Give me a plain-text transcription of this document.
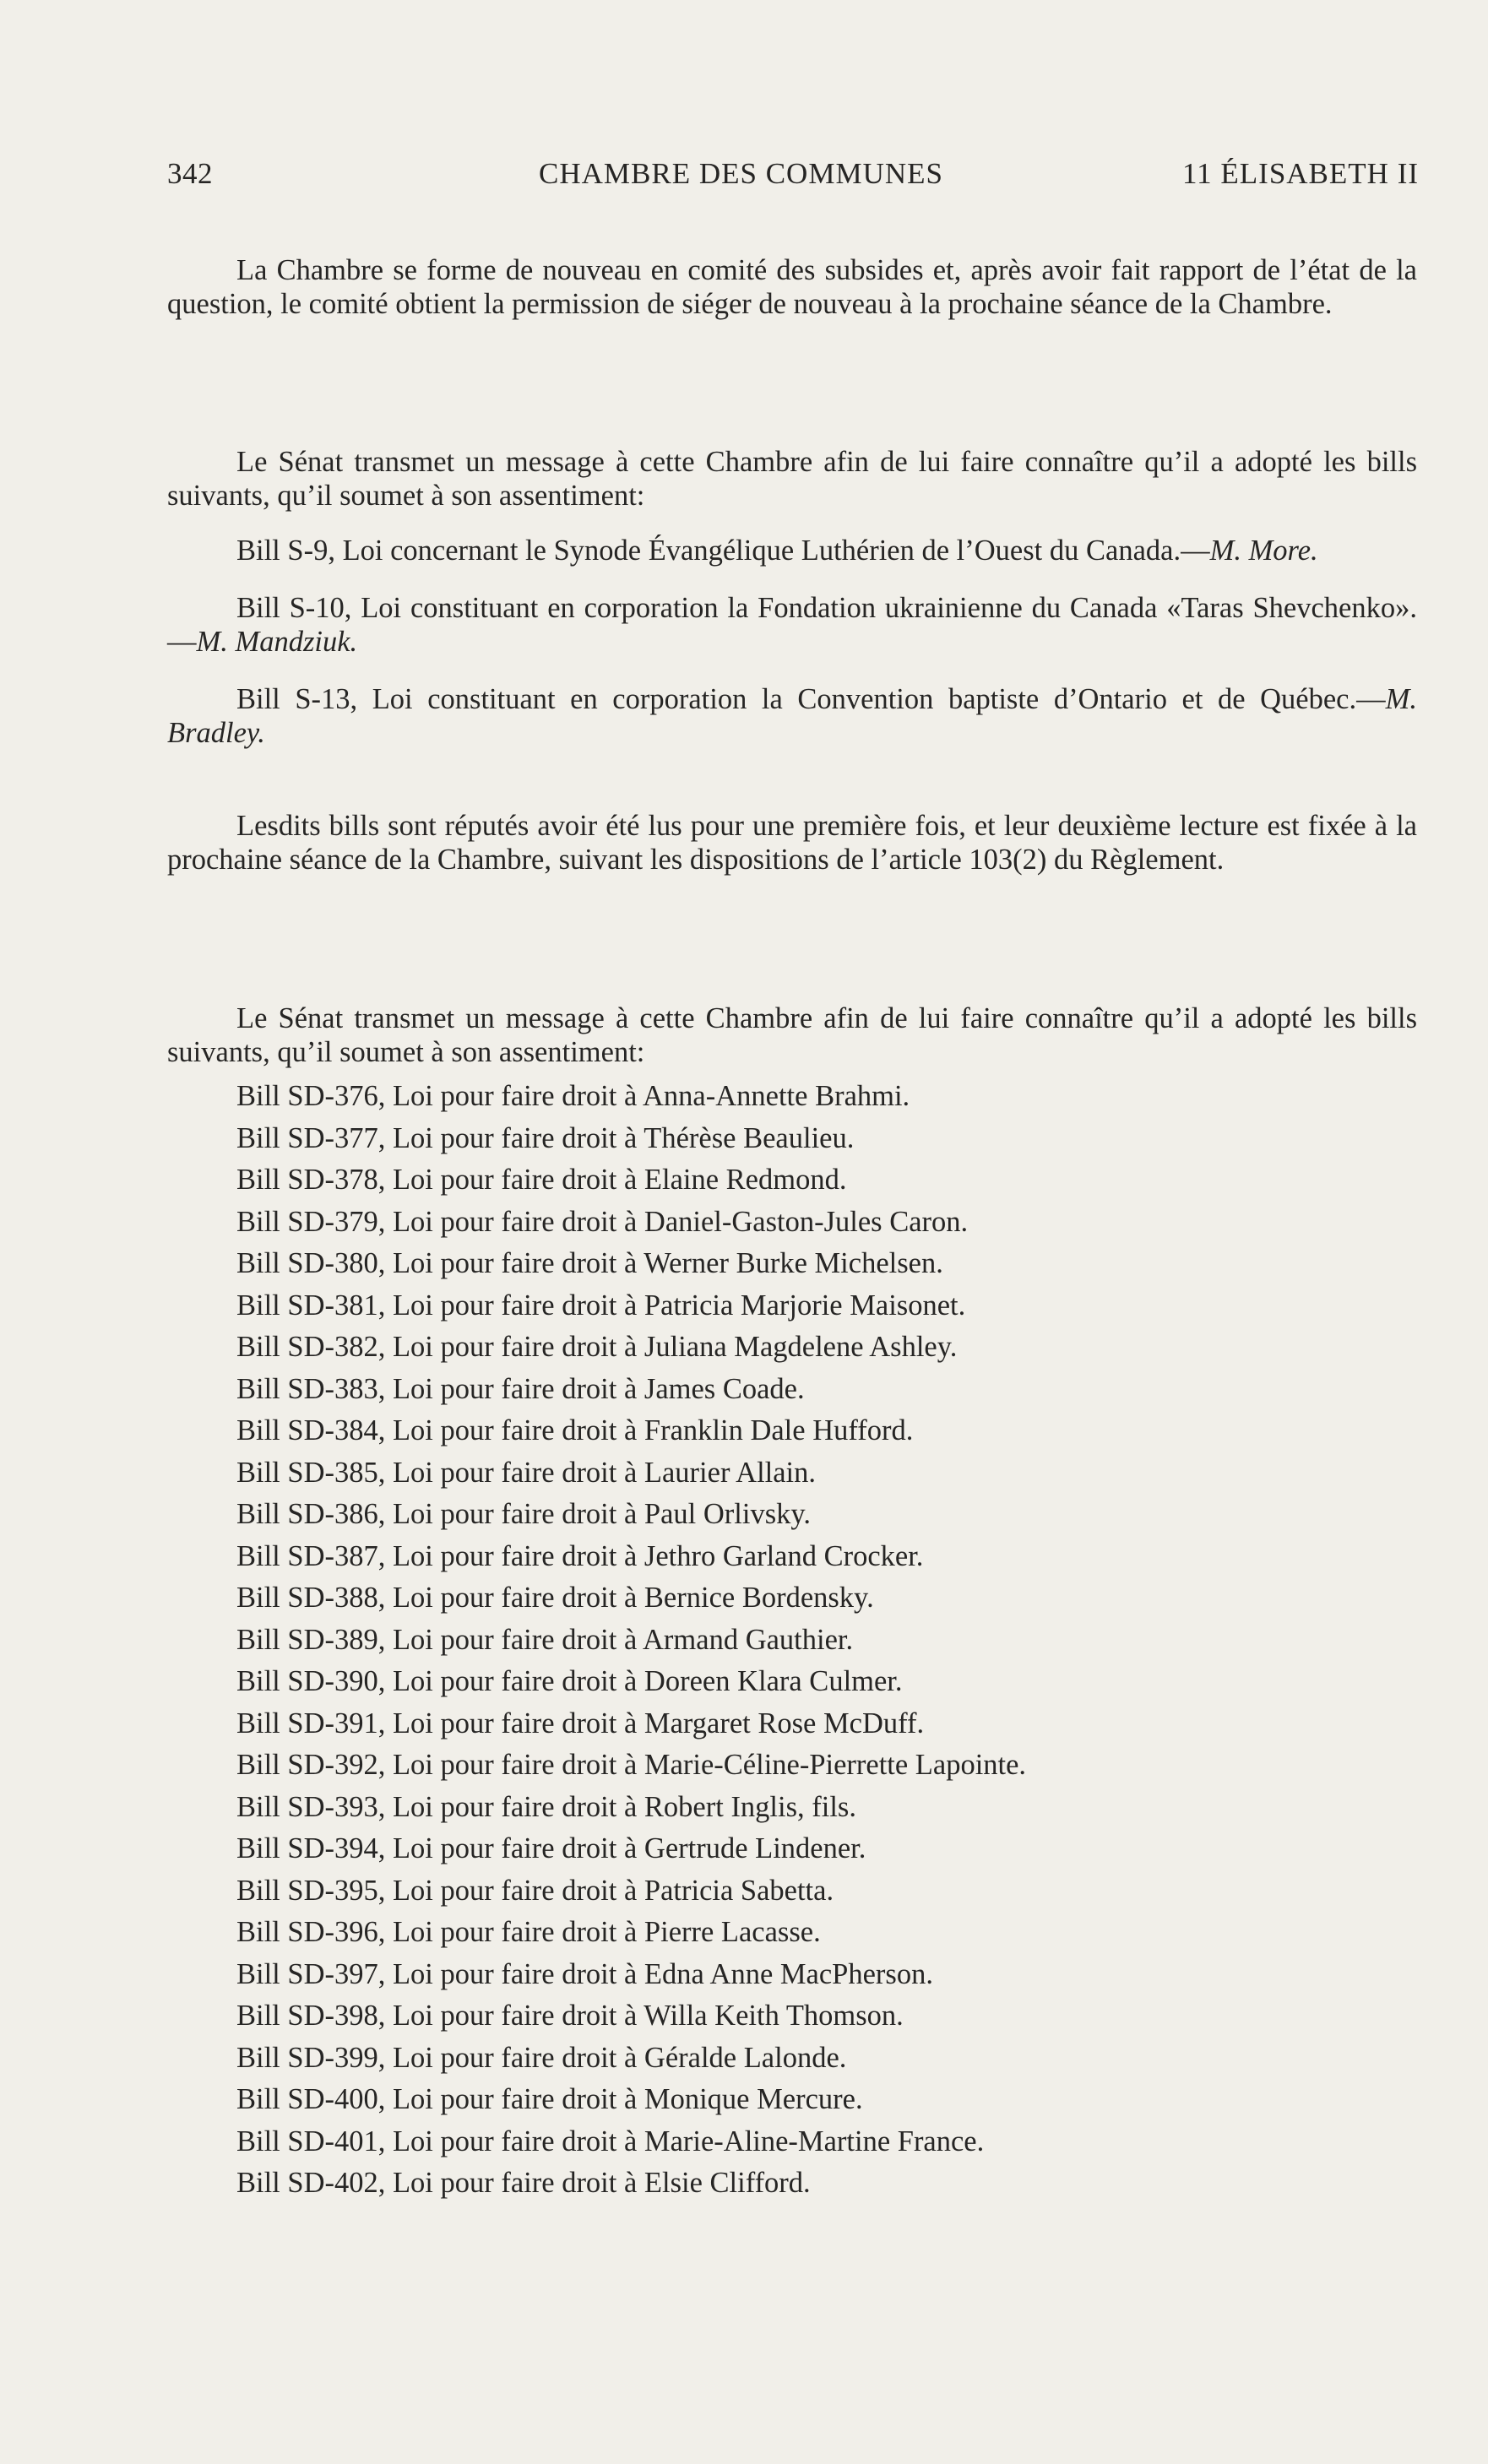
342	CHAMBRE DES COMMUNES	11 ÉLISABETH II

La Chambre se forme de nouveau en comité des subsides et, après avoir fait rapport de l’état de la question, le comité obtient la permission de siéger de nouveau à la prochaine séance de la Chambre.

Le Sénat transmet un message à cette Chambre afin de lui faire connaître qu’il a adopté les bills suivants, qu’il soumet à son assentiment:

Bill S-9, Loi concernant le Synode Évangélique Luthérien de l’Ouest du Canada.—M. More.

Bill S-10, Loi constituant en corporation la Fondation ukrainienne du Canada «Taras Shevchenko».—M. Mandziuk.

Bill S-13, Loi constituant en corporation la Convention baptiste d’Ontario et de Québec.—M. Bradley.

Lesdits bills sont réputés avoir été lus pour une première fois, et leur deuxième lecture est fixée à la prochaine séance de la Chambre, suivant les dispositions de l’article 103(2) du Règlement.

Le Sénat transmet un message à cette Chambre afin de lui faire connaître qu’il a adopté les bills suivants, qu’il soumet à son assentiment:

Bill SD-376, Loi pour faire droit à Anna-Annette Brahmi.
Bill SD-377, Loi pour faire droit à Thérèse Beaulieu.
Bill SD-378, Loi pour faire droit à Elaine Redmond.
Bill SD-379, Loi pour faire droit à Daniel-Gaston-Jules Caron.
Bill SD-380, Loi pour faire droit à Werner Burke Michelsen.
Bill SD-381, Loi pour faire droit à Patricia Marjorie Maisonet.
Bill SD-382, Loi pour faire droit à Juliana Magdelene Ashley.
Bill SD-383, Loi pour faire droit à James Coade.
Bill SD-384, Loi pour faire droit à Franklin Dale Hufford.
Bill SD-385, Loi pour faire droit à Laurier Allain.
Bill SD-386, Loi pour faire droit à Paul Orlivsky.
Bill SD-387, Loi pour faire droit à Jethro Garland Crocker.
Bill SD-388, Loi pour faire droit à Bernice Bordensky.
Bill SD-389, Loi pour faire droit à Armand Gauthier.
Bill SD-390, Loi pour faire droit à Doreen Klara Culmer.
Bill SD-391, Loi pour faire droit à Margaret Rose McDuff.
Bill SD-392, Loi pour faire droit à Marie-Céline-Pierrette Lapointe.
Bill SD-393, Loi pour faire droit à Robert Inglis, fils.
Bill SD-394, Loi pour faire droit à Gertrude Lindener.
Bill SD-395, Loi pour faire droit à Patricia Sabetta.
Bill SD-396, Loi pour faire droit à Pierre Lacasse.
Bill SD-397, Loi pour faire droit à Edna Anne MacPherson.
Bill SD-398, Loi pour faire droit à Willa Keith Thomson.
Bill SD-399, Loi pour faire droit à Géralde Lalonde.
Bill SD-400, Loi pour faire droit à Monique Mercure.
Bill SD-401, Loi pour faire droit à Marie-Aline-Martine France.
Bill SD-402, Loi pour faire droit à Elsie Clifford.
